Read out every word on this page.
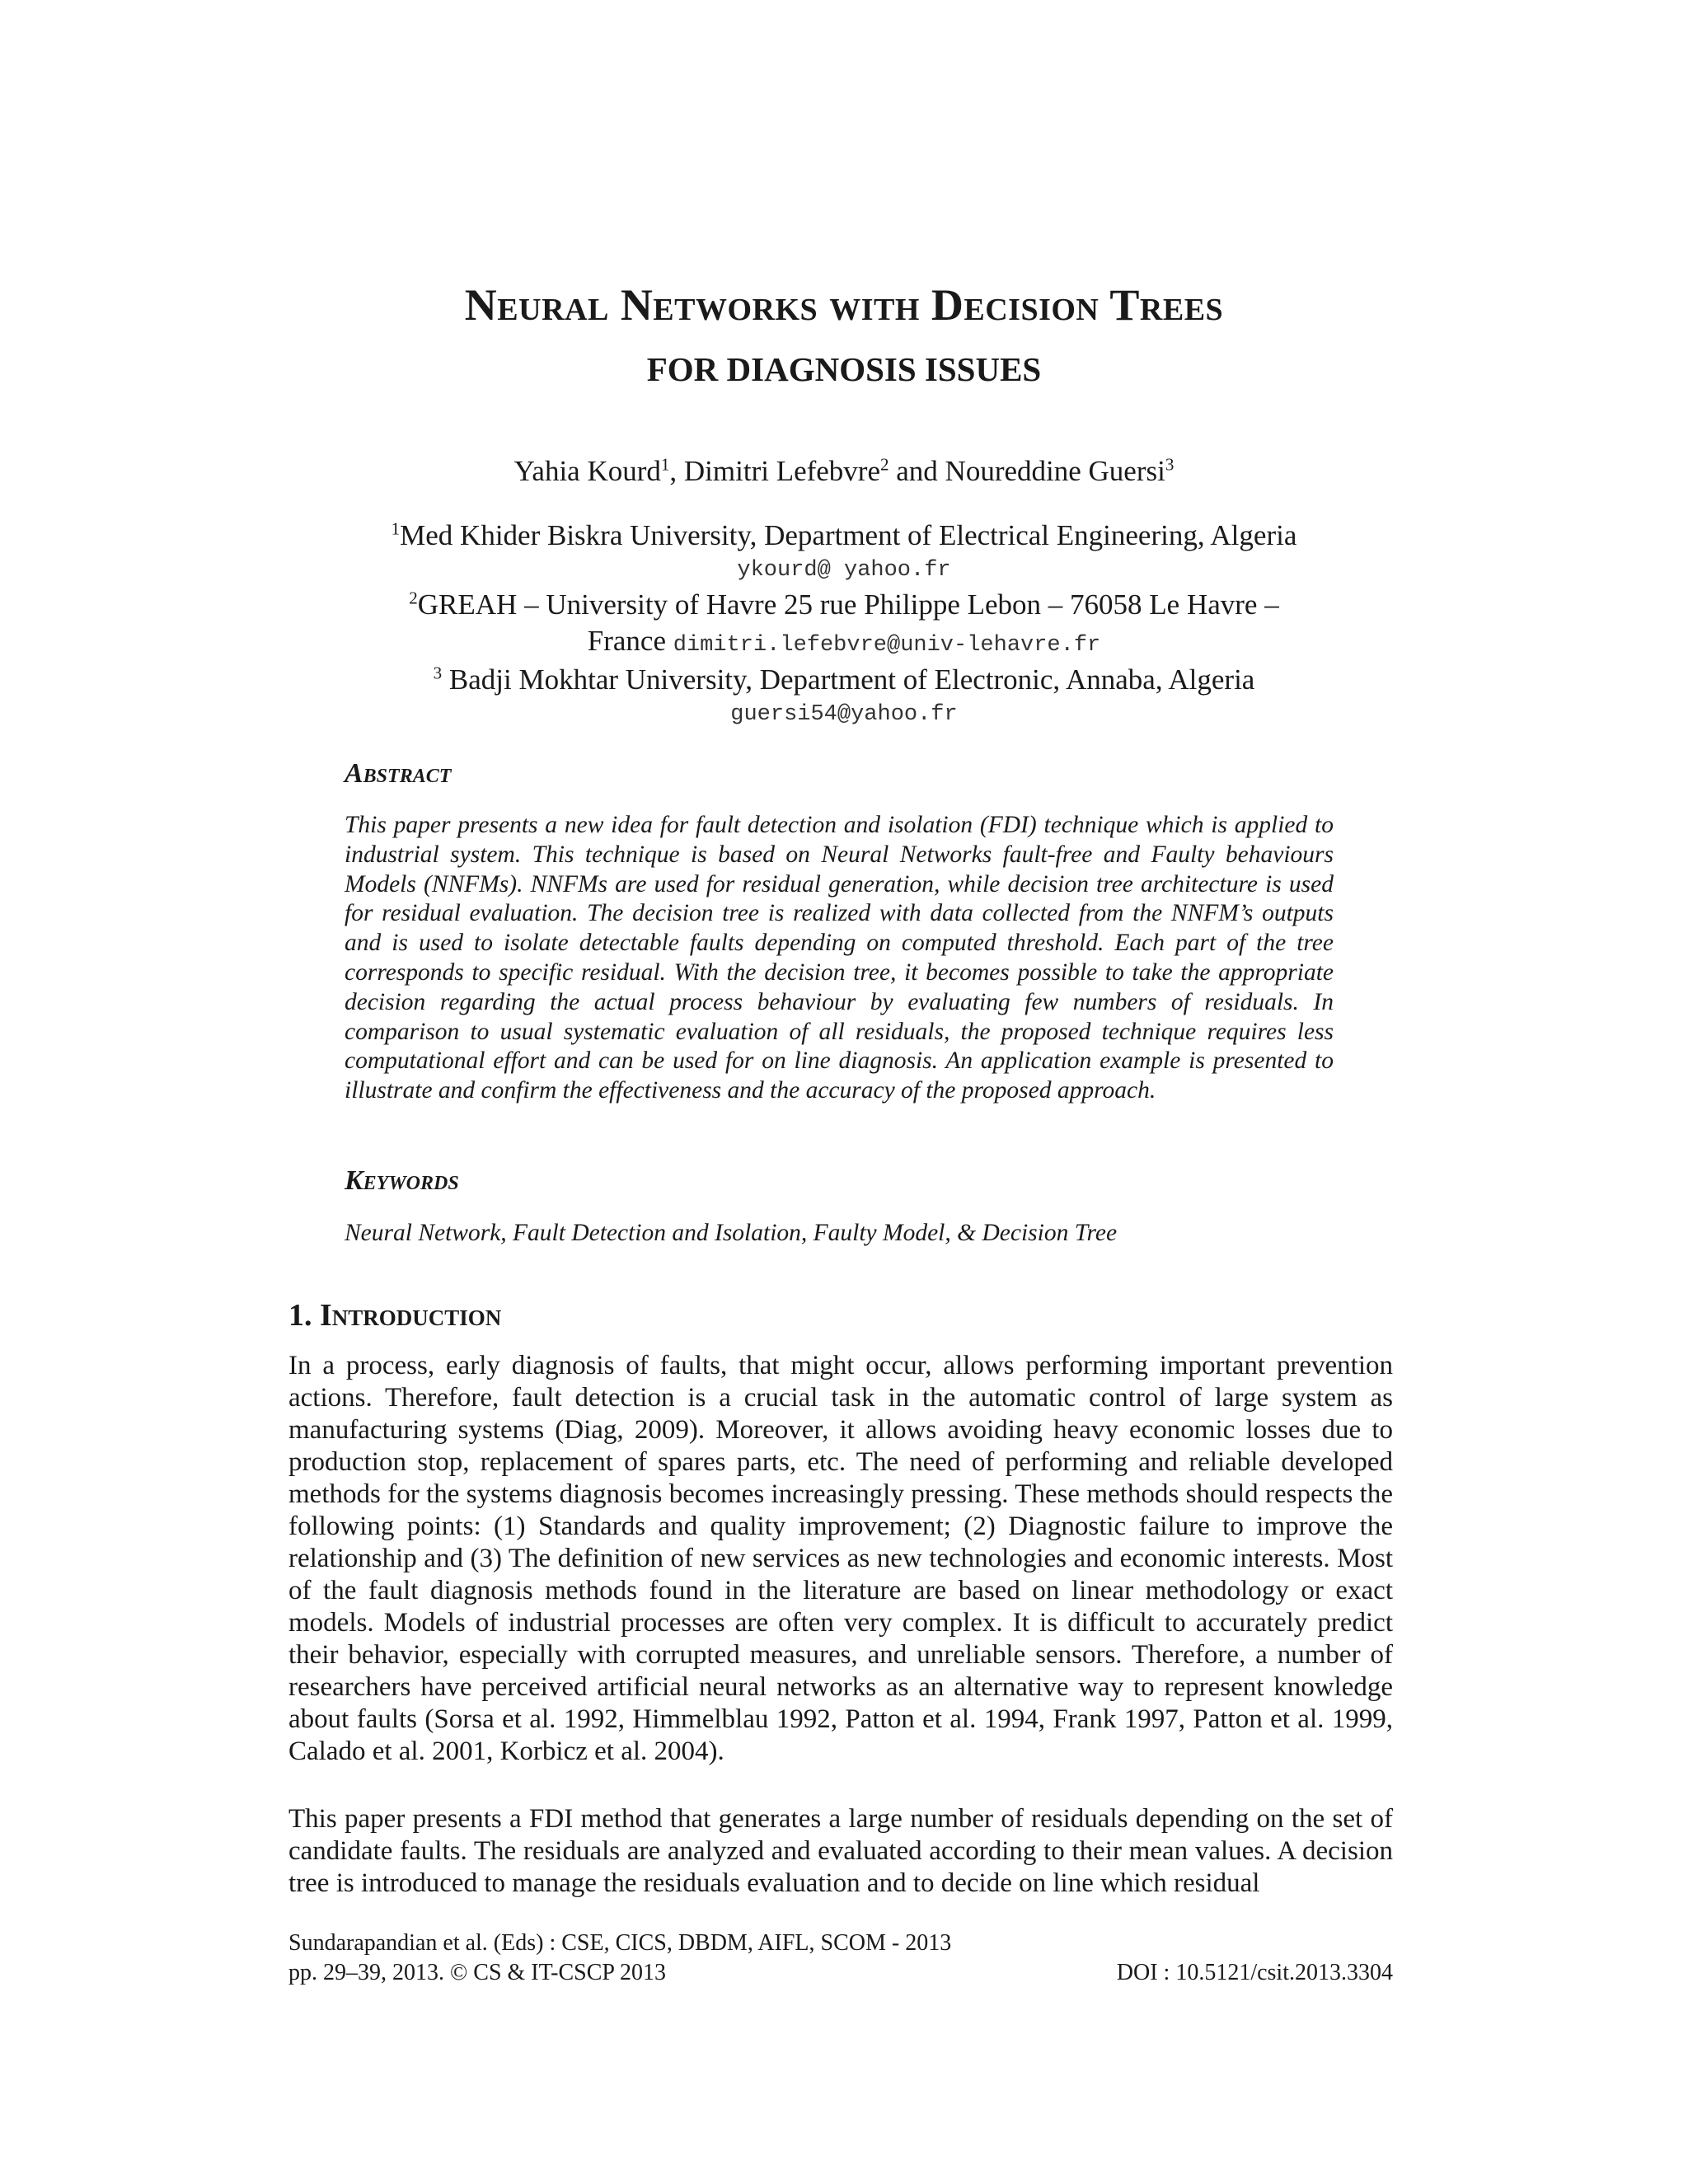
Neural Networks with Decision Trees
FOR DIAGNOSIS ISSUES
Yahia Kourd$^1$, Dimitri Lefebvre$^2$ and Noureddine Guersi$^3$
$^1$Med Khider Biskra University, Department of Electrical Engineering, Algeria
ykourd@ yahoo.fr
$^2$GREAH – University of Havre 25 rue Philippe Lebon – 76058 Le Havre –
France dimitri.lefebvre@univ-lehavre.fr
$^3$ Badji Mokhtar University, Department of Electronic, Annaba, Algeria
guersi54@yahoo.fr
Abstract
This paper presents a new idea for fault detection and isolation (FDI) technique which is applied to industrial system. This technique is based on Neural Networks fault-free and Faulty behaviours Models (NNFMs). NNFMs are used for residual generation, while decision tree architecture is used for residual evaluation. The decision tree is realized with data collected from the NNFM’s outputs and is used to isolate detectable faults depending on computed threshold. Each part of the tree corresponds to specific residual. With the decision tree, it becomes possible to take the appropriate decision regarding the actual process behaviour by evaluating few numbers of residuals. In comparison to usual systematic evaluation of all residuals, the proposed technique requires less computational effort and can be used for on line diagnosis. An application example is presented to illustrate and confirm the effectiveness and the accuracy of the proposed approach.
Keywords
Neural Network, Fault Detection and Isolation, Faulty Model, & Decision Tree
1. Introduction
In a process, early diagnosis of faults, that might occur, allows performing important prevention actions. Therefore, fault detection is a crucial task in the automatic control of large system as manufacturing systems (Diag, 2009). Moreover, it allows avoiding heavy economic losses due to production stop, replacement of spares parts, etc. The need of performing and reliable developed methods for the systems diagnosis becomes increasingly pressing. These methods should respects the following points: (1) Standards and quality improvement; (2) Diagnostic failure to improve the relationship and (3) The definition of new services as new technologies and economic interests. Most of the fault diagnosis methods found in the literature are based on linear methodology or exact models. Models of industrial processes are often very complex. It is difficult to accurately predict their behavior, especially with corrupted measures, and unreliable sensors. Therefore, a number of researchers have perceived artificial neural networks as an alternative way to represent knowledge about faults (Sorsa et al. 1992, Himmelblau 1992, Patton et al. 1994, Frank 1997, Patton et al. 1999, Calado et al. 2001, Korbicz et al. 2004).
This paper presents a FDI method that generates a large number of residuals depending on the set of candidate faults. The residuals are analyzed and evaluated according to their mean values. A decision tree is introduced to manage the residuals evaluation and to decide on line which residual
Sundarapandian et al. (Eds) : CSE, CICS, DBDM, AIFL, SCOM - 2013
pp. 29–39, 2013. © CS & IT-CSCP 2013	DOI : 10.5121/csit.2013.3304
